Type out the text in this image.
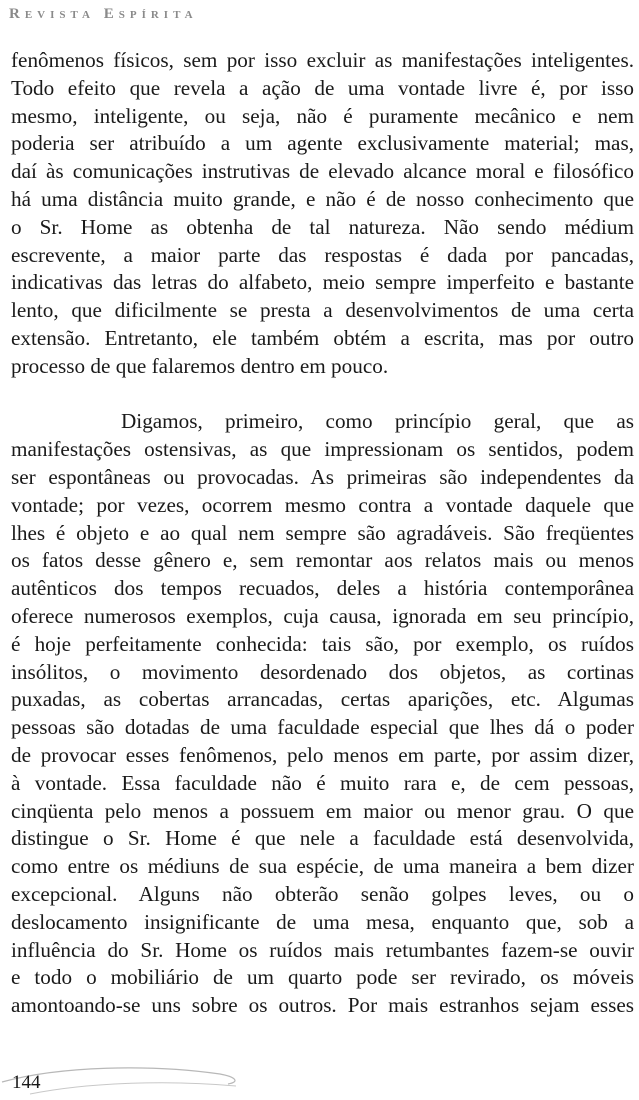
Revista Espírita
fenômenos físicos, sem por isso excluir as manifestações inteligentes.
Todo efeito que revela a ação de uma vontade livre é, por isso
mesmo, inteligente, ou seja, não é puramente mecânico e nem
poderia ser atribuído a um agente exclusivamente material; mas,
daí às comunicações instrutivas de elevado alcance moral e filosófico
há uma distância muito grande, e não é de nosso conhecimento que
o Sr. Home as obtenha de tal natureza. Não sendo médium
escrevente, a maior parte das respostas é dada por pancadas,
indicativas das letras do alfabeto, meio sempre imperfeito e bastante
lento, que dificilmente se presta a desenvolvimentos de uma certa
extensão. Entretanto, ele também obtém a escrita, mas por outro
processo de que falaremos dentro em pouco.
Digamos, primeiro, como princípio geral, que as
manifestações ostensivas, as que impressionam os sentidos, podem
ser espontâneas ou provocadas. As primeiras são independentes da
vontade; por vezes, ocorrem mesmo contra a vontade daquele que
lhes é objeto e ao qual nem sempre são agradáveis. São freqüentes
os fatos desse gênero e, sem remontar aos relatos mais ou menos
autênticos dos tempos recuados, deles a história contemporânea
oferece numerosos exemplos, cuja causa, ignorada em seu princípio,
é hoje perfeitamente conhecida: tais são, por exemplo, os ruídos
insólitos, o movimento desordenado dos objetos, as cortinas
puxadas, as cobertas arrancadas, certas aparições, etc. Algumas
pessoas são dotadas de uma faculdade especial que lhes dá o poder
de provocar esses fenômenos, pelo menos em parte, por assim dizer,
à vontade. Essa faculdade não é muito rara e, de cem pessoas,
cinqüenta pelo menos a possuem em maior ou menor grau. O que
distingue o Sr. Home é que nele a faculdade está desenvolvida,
como entre os médiuns de sua espécie, de uma maneira a bem dizer
excepcional. Alguns não obterão senão golpes leves, ou o
deslocamento insignificante de uma mesa, enquanto que, sob a
influência do Sr. Home os ruídos mais retumbantes fazem-se ouvir
e todo o mobiliário de um quarto pode ser revirado, os móveis
amontoando-se uns sobre os outros. Por mais estranhos sejam esses
144
